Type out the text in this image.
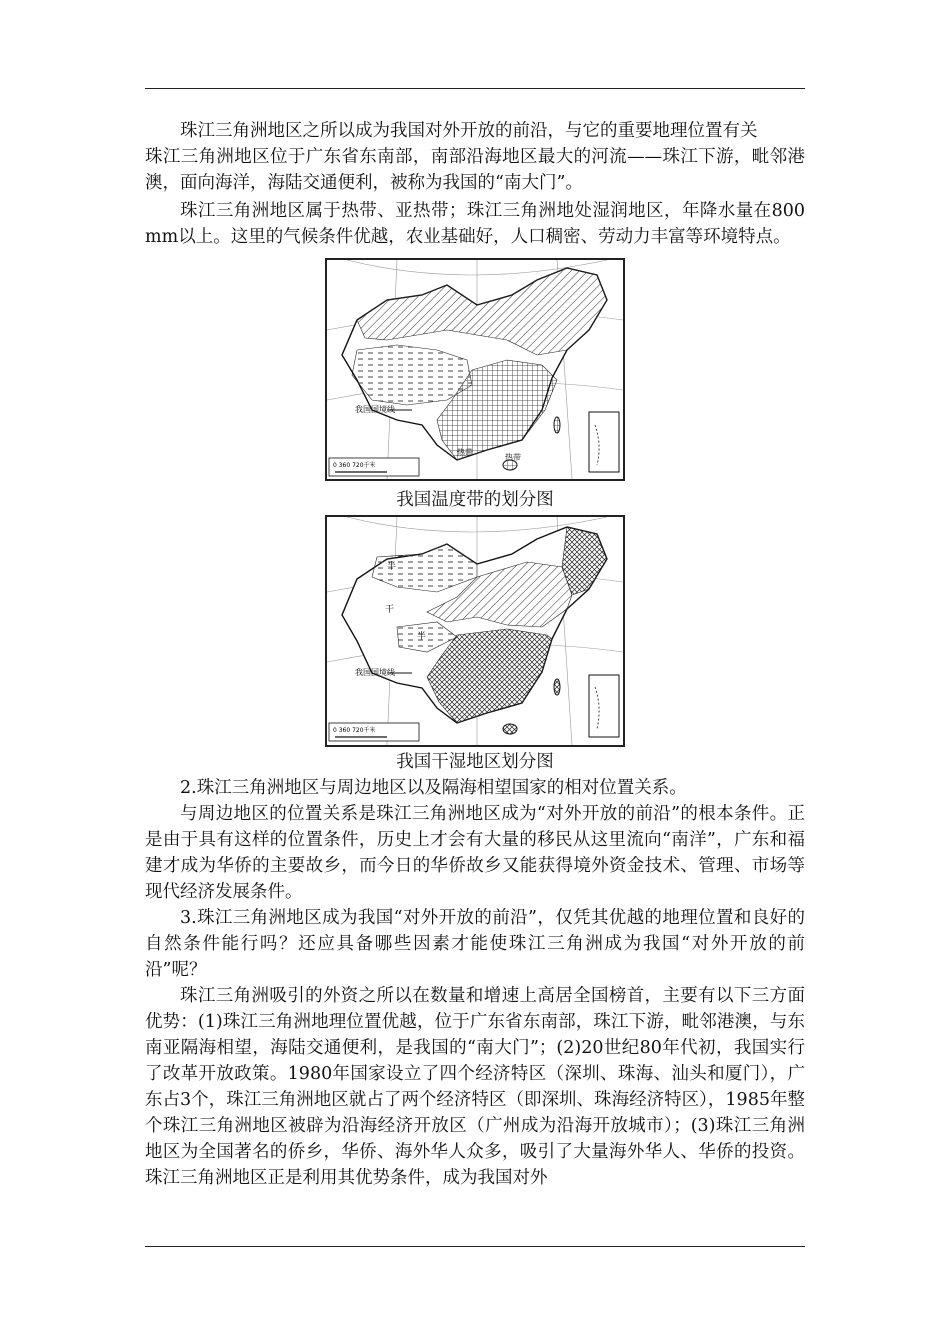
珠江三角洲地区之所以成为我国对外开放的前沿，与它的重要地理位置有关

珠江三角洲地区位于广东省东南部，南部沿海地区最大的河流——珠江下游，毗邻港澳，面向海洋，海陆交通便利，被称为我国的“南大门”。

珠江三角洲地区属于热带、亚热带；珠江三角洲地处湿润地区，年降水量在800 mm以上。这里的气候条件优越，农业基础好，人口稠密、劳动力丰富等环境特点。

我国国境线
热带
热带
0 360 720千米

我国温度带的划分图

干
半
半
我国国境线
0 360 720千米

我国干湿地区划分图

2.珠江三角洲地区与周边地区以及隔海相望国家的相对位置关系。

与周边地区的位置关系是珠江三角洲地区成为“对外开放的前沿”的根本条件。正是由于具有这样的位置条件，历史上才会有大量的移民从这里流向“南洋”，广东和福建才成为华侨的主要故乡，而今日的华侨故乡又能获得境外资金技术、管理、市场等现代经济发展条件。

3.珠江三角洲地区成为我国“对外开放的前沿”，仅凭其优越的地理位置和良好的自然条件能行吗？还应具备哪些因素才能使珠江三角洲成为我国“对外开放的前沿”呢？

珠江三角洲吸引的外资之所以在数量和增速上高居全国榜首，主要有以下三方面优势：(1)珠江三角洲地理位置优越，位于广东省东南部，珠江下游，毗邻港澳，与东南亚隔海相望，海陆交通便利，是我国的“南大门”；(2)20世纪80年代初，我国实行了改革开放政策。1980年国家设立了四个经济特区（深圳、珠海、汕头和厦门），广东占3个，珠江三角洲地区就占了两个经济特区（即深圳、珠海经济特区），1985年整个珠江三角洲地区被辟为沿海经济开放区（广州成为沿海开放城市）；(3)珠江三角洲地区为全国著名的侨乡，华侨、海外华人众多，吸引了大量海外华人、华侨的投资。珠江三角洲地区正是利用其优势条件，成为我国对外
